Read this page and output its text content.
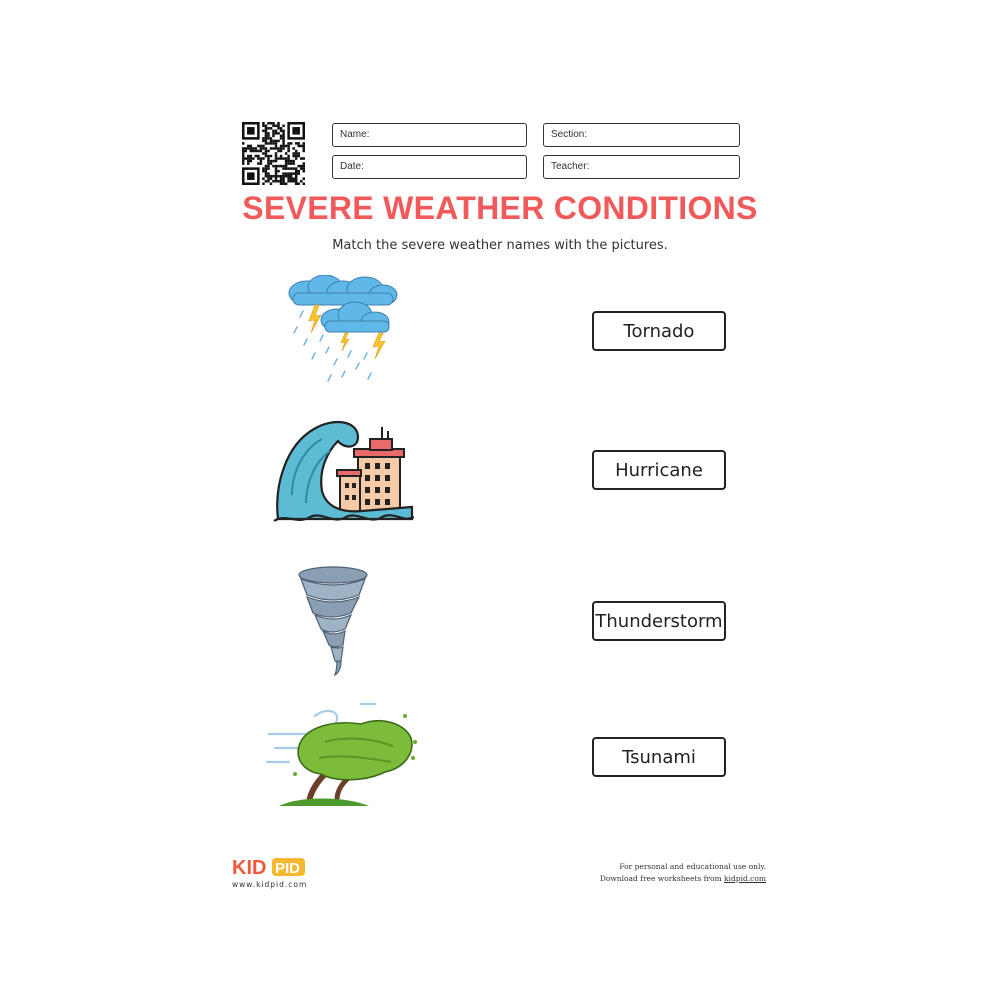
Name:	Section:
Date:	Teacher:
SEVERE WEATHER CONDITIONS
Match the severe weather names with the pictures.
Tornado
Hurricane
Thunderstorm
Tsunami
KID PID
www.kidpid.com
For personal and educational use only.
Download free worksheets from kidpid.com
